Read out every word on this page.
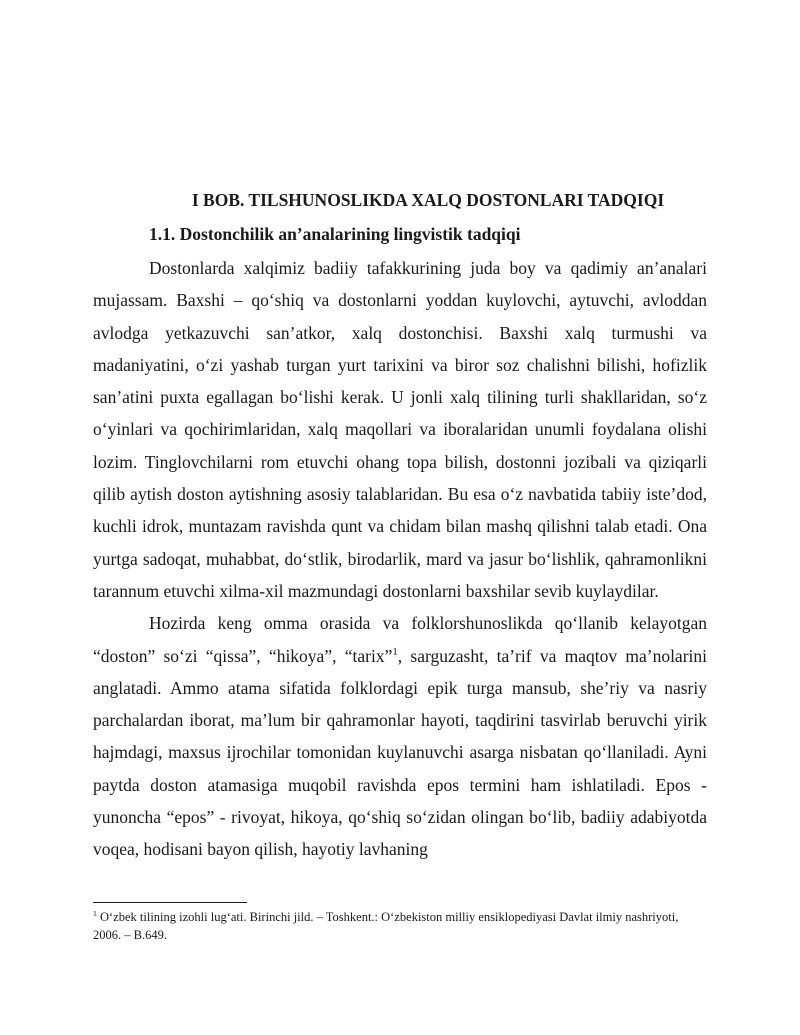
I BOB. TILSHUNOSLIKDA XALQ DOSTONLARI TADQIQI
1.1. Dostonchilik an’analarining lingvistik tadqiqi

Dostonlarda xalqimiz badiiy tafakkurining juda boy va qadimiy an’analari mujassam. Baxshi – qo‘shiq va dostonlarni yoddan kuylovchi, aytuvchi, avloddan avlodga yetkazuvchi san’atkor, xalq dostonchisi. Baxshi xalq turmushi va madaniyatini, o‘zi yashab turgan yurt tarixini va biror soz chalishni bilishi, hofizlik san’atini puxta egallagan bo‘lishi kerak. U jonli xalq tilining turli shakllaridan, so‘z o‘yinlari va qochirimlaridan, xalq maqollari va iboralaridan unumli foydalana olishi lozim. Tinglovchilarni rom etuvchi ohang topa bilish, dostonni jozibali va qiziqarli qilib aytish doston aytishning asosiy talablaridan. Bu esa o‘z navbatida tabiiy iste’dod, kuchli idrok, muntazam ravishda qunt va chidam bilan mashq qilishni talab etadi. Ona yurtga sadoqat, muhabbat, do‘stlik, birodarlik, mard va jasur bo‘lishlik, qahramonlikni tarannum etuvchi xilma-xil mazmundagi dostonlarni baxshilar sevib kuylaydilar.

Hozirda keng omma orasida va folklorshunoslikda qo‘llanib kelayotgan “doston” so‘zi “qissa”, “hikoya”, “tarix”$^1$, sarguzasht, ta’rif va maqtov ma’nolarini anglatadi. Ammo atama sifatida folklordagi epik turga mansub, she’riy va nasriy parchalardan iborat, ma’lum bir qahramonlar hayoti, taqdirini tasvirlab beruvchi yirik hajmdagi, maxsus ijrochilar tomonidan kuylanuvchi asarga nisbatan qo‘llaniladi. Ayni paytda doston atamasiga muqobil ravishda epos termini ham ishlatiladi. Epos - yunoncha “epos” - rivoyat, hikoya, qo‘shiq so‘zidan olingan bo‘lib, badiiy adabiyotda voqea, hodisani bayon qilish, hayotiy lavhaning

$^1$ O‘zbek tilining izohli lug‘ati. Birinchi jild. – Toshkent.: O‘zbekiston milliy ensiklopediyasi Davlat ilmiy nashriyoti, 2006. – B.649.
